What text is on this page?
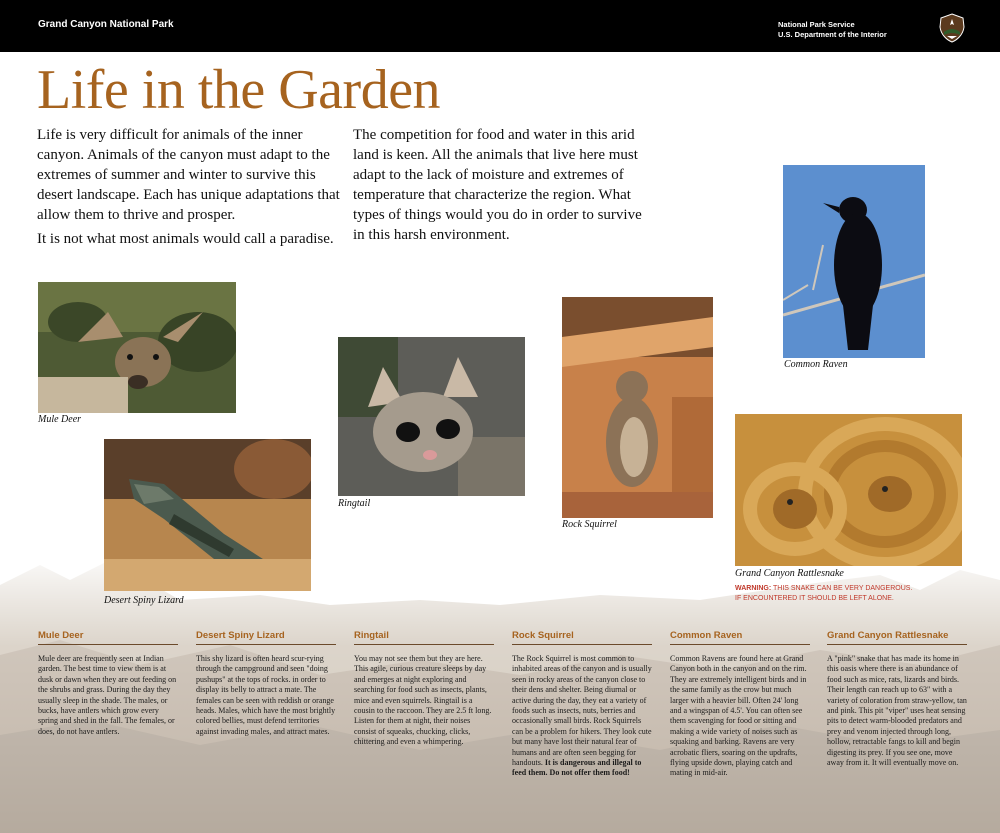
Grand Canyon National Park	National Park Service
U.S. Department of the Interior
Life in the Garden

Life is very difficult for animals of the inner canyon. Animals of the canyon must adapt to the extremes of summer and winter to survive this desert landscape. Each has unique adaptations that allow them to thrive and prosper.

It is not what most animals would call a paradise.

The competition for food and water in this arid land is keen. All the animals that live here must adapt to the lack of moisture and extremes of temperature that characterize the region. What types of things would you do in order to survive in this harsh environment.

Mule Deer
Desert Spiny Lizard
Ringtail
Rock Squirrel
Common Raven
Grand Canyon Rattlesnake
WARNING: THIS SNAKE CAN BE VERY DANGEROUS.
IF ENCOUNTERED IT SHOULD BE LEFT ALONE.
Mule Deer
Mule deer are frequently seen at Indian garden. The best time to view them is at dusk or dawn when they are out feeding on the shrubs and grass. During the day they usually sleep in the shade. The males, or bucks, have antlers which grow every spring and shed in the fall. The females, or does, do not have antlers.
Desert Spiny Lizard
This shy lizard is often heard scur-rying through the campground and seen "doing pushups" at the tops of rocks. in order to display its belly to attract a mate. The females can be seen with reddish or orange heads. Males, which have the most brightly colored bellies, must defend territories against invading males, and attract mates.
Ringtail
You may not see them but they are here. This agile, curious creature sleeps by day and emerges at night exploring and searching for food such as insects, plants, mice and even squirrels. Ringtail is a cousin to the raccoon. They are 2.5 ft long. Listen for them at night, their noises consist of squeaks, chucking, clicks, chittering and even a whimpering.
Rock Squirrel
The Rock Squirrel is most common to inhabited areas of the canyon and is usually seen in rocky areas of the canyon close to their dens and shelter. Being diurnal or active during the day, they eat a variety of foods such as insects, nuts, berries and occasionally small birds. Rock Squirrels can be a problem for hikers. They look cute but many have lost their natural fear of humans and are often seen begging for handouts. It is dangerous and illegal to feed them. Do not offer them food!
Common Raven
Common Ravens are found here at Grand Canyon both in the canyon and on the rim. They are extremely intelligent birds and in the same family as the crow but much larger with a heavier bill. Often 24' long and a wingspan of 4.5'. You can often see them scavenging for food or sitting and making a wide variety of noises such as squaking and barking. Ravens are very acrobatic fliers, soaring on the updrafts, flying upside down, playing catch and mating in mid-air.
Grand Canyon Rattlesnake
A "pink" snake that has made its home in this oasis where there is an abundance of food such as mice, rats, lizards and birds. Their length can reach up to 63" with a variety of coloration from straw-yellow, tan and pink. This pit "viper" uses heat sensing pits to detect warm-blooded predators and prey and venom injected through long, hollow, retractable fangs to kill and begin digesting its prey. If you see one, move away from it. It will eventually move on.
